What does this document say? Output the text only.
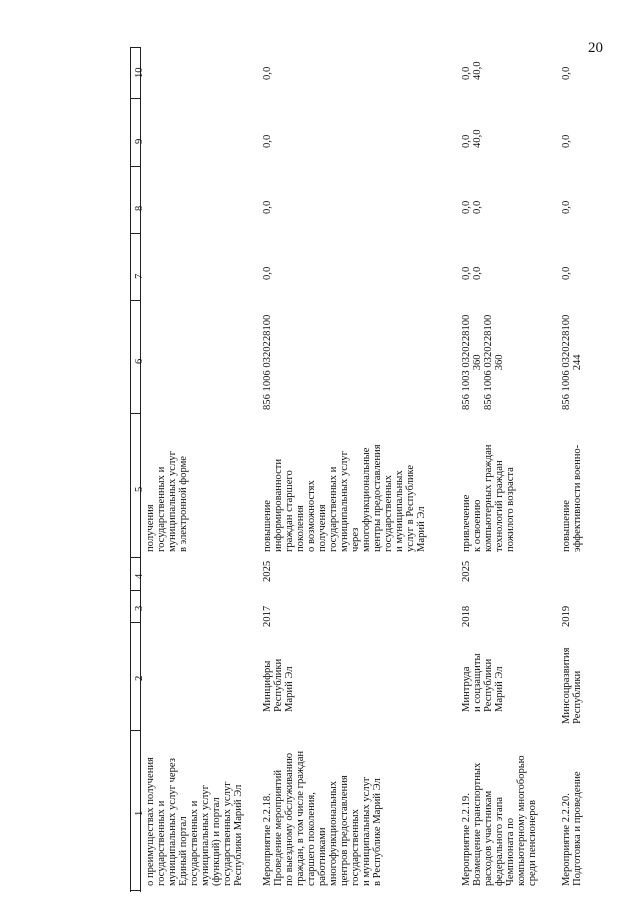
20
10
9
8
7
6
5
4
3
2
1 о преимуществах получения государственных и муниципальных услуг через Единый портал государственных и муниципальных услуг (функций) и портал государственных услуг Республики Марий Эл
получения государственных и муниципальных услуг в электронной форме
Мероприятие 2.2.18. Проведение мероприятий по выездному обслуживанию граждан, в том числе граждан старшего поколения, работниками многофункциональных центров предоставления государственных и муниципальных услуг в Республике Марий Эл
Минцифры Республики Марий Эл
2017
2025
повышение информированности граждан старшего поколения о возможностях получения государственных и муниципальных услуг через многофункциональные центры предоставления государственных и муниципальных услуг в Республике Марий Эл
856 1006 0320228100
0,0
0,0
0,0
0,0
Мероприятие 2.2.19. Возмещение транспортных расходов участникам федерального этапа Чемпионата по компьютерному многоборью среди пенсионеров
Минтруда и соцзащиты Республики Марий Эл
2018
2025
привлечение к освоению компьютерных граждан технологий граждан пожилого возраста
856 1003 0320228100 360 856 1006 0320228100 360
0,0 0,0
0,0 0,0
0,0 40,0
0,0 40,0
Мероприятие 2.2.20. Подготовка и проведение
Минсоцразвития Республики
2019
повышение эффективности военно-
856 1006 0320228100 244
0,0
0,0
0,0
0,0
